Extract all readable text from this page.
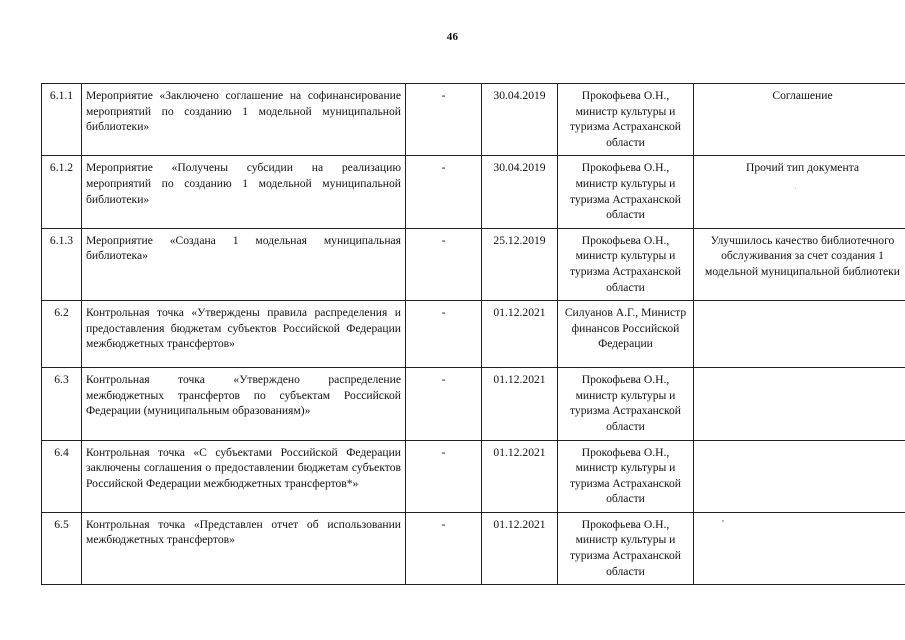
46
6.1.1	Мероприятие «Заключено соглашение на софинансирование мероприятий по созданию 1 модельной муниципальной библиотеки»	-	30.04.2019	Прокофьева О.Н., министр культуры и туризма Астраханской области	Соглашение
6.1.2	Мероприятие «Получены субсидии на реализацию мероприятий по созданию 1 модельной муниципальной библиотеки»	-	30.04.2019	Прокофьева О.Н., министр культуры и туризма Астраханской области	Прочий тип документа
6.1.3	Мероприятие «Создана 1 модельная муниципальная библиотека»	-	25.12.2019	Прокофьева О.Н., министр культуры и туризма Астраханской области	Улучшилось качество библиотечного обслуживания за счет создания 1 модельной муниципальной библиотеки
6.2	Контрольная точка «Утверждены правила распределения и предоставления бюджетам субъектов Российской Федерации межбюджетных трансфертов»	-	01.12.2021	Силуанов А.Г., Министр финансов Российской Федерации	
6.3	Контрольная точка «Утверждено распределение межбюджетных трансфертов по субъектам Российской Федерации (муниципальным образованиям)»	-	01.12.2021	Прокофьева О.Н., министр культуры и туризма Астраханской области	
6.4	Контрольная точка «С субъектами Российской Федерации заключены соглашения о предоставлении бюджетам субъектов Российской Федерации межбюджетных трансфертов*»	-	01.12.2021	Прокофьева О.Н., министр культуры и туризма Астраханской области	
6.5	Контрольная точка «Представлен отчет об использовании межбюджетных трансфертов»	-	01.12.2021	Прокофьева О.Н., министр культуры и туризма Астраханской области	
